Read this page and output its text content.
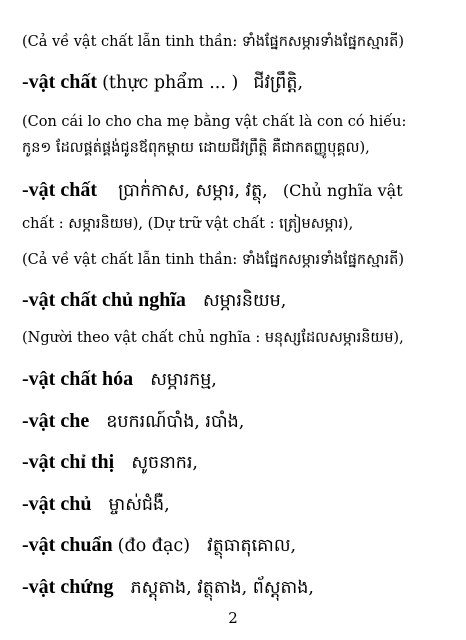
(Cả về vật chất lẫn tinh thần: ទាំងផ្នែកសម្ភារទាំងផ្នែកស្មារតី)
-vật chất (thực phẩm ... ) ជីវព្រឹត្តិ,
(Con cái lo cho cha mẹ bằng vật chất là con có hiếu:
កូន១ ដែលផ្គត់ផ្គង់ជូនឪពុកម្តាយ ដោយជីវព្រឹត្តិ គឺជាកតញ្ញូបុគ្គល),
-vật chất ប្រាក់កាស, សម្ភារ, វត្ថុ, (Chủ nghĩa vật
chất : សម្ភារនិយម), (Dự trữ vật chất : ត្រៀមសម្ភារ),
(Cả về vật chất lẫn tinh thần: ទាំងផ្នែកសម្ភារទាំងផ្នែកស្មារតី)
-vật chất chủ nghĩa សម្ភារនិយម,
(Người theo vật chất chủ nghĩa : មនុស្សដែលសម្ភារនិយម),
-vật chất hóa សម្ភារកម្ម,
-vật che ឧបករណ៍បាំង, របាំង,
-vật chỉ thị សូចនាករ,
-vật chủ ម្ចាស់ជំងឺ,
-vật chuẩn (đo đạc) វត្ថុធាតុគោល,
-vật chứng ភស្តុតាង, វត្ថុតាង, ព័ស្តុតាង,
2
